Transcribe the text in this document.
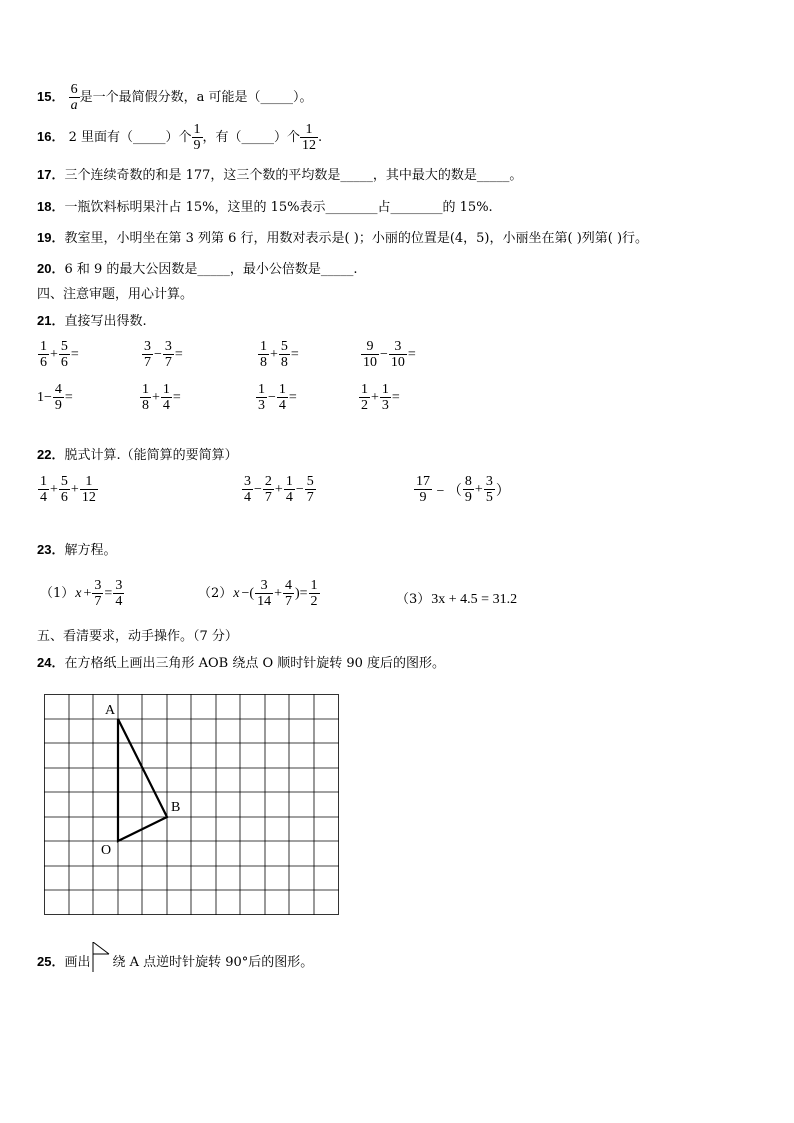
15． $\frac{6}{a}$ 是一个最简假分数，a 可能是（_____）。
16． 2 里面有（_____）个 $\frac{1}{9}$ ，有（_____）个 $\frac{1}{12}$ .
17．三个连续奇数的和是 177，这三个数的平均数是_____，其中最大的数是_____。
18．一瓶饮料标明果汁占 15%，这里的 15%表示________占________的 15%.
19．教室里，小明坐在第 3 列第 6 行，用数对表示是( )；小丽的位置是(4，5)，小丽坐在第( )列第( )行。
20．6 和 9 的最大公因数是_____，最小公倍数是_____.
四、注意审题，用心计算。
21．直接写出得数.
$\frac{1}{6} + \frac{5}{6}$ =	$\frac{3}{7} - \frac{3}{7}$ =	$\frac{1}{8} + \frac{5}{8}$ =	$\frac{9}{10} - \frac{3}{10}$ =
$1- \frac{4}{9}$ =	$\frac{1}{8} + \frac{1}{4}$ =	$\frac{1}{3} - \frac{1}{4}$ =	$\frac{1}{2} + \frac{1}{3}$ =
22．脱式计算.（能简算的要简算）
$\frac{1}{4} + \frac{5}{6} + \frac{1}{12}$	$\frac{3}{4} - \frac{2}{7} + \frac{1}{4} - \frac{5}{7}$	$\frac{17}{9}$ − （ $\frac{8}{9} + \frac{3}{5}$ ）
23．解方程。
$(1)x + \frac{3}{7} = \frac{3}{4}$	（2）x −( $\frac{3}{14} + \frac{4}{7}$ )= $\frac{1}{2}$	（3）3x + 4.5 = 31.2
五、看清要求，动手操作。（7 分）
24．在方格纸上画出三角形 AOB 绕点 O 顺时针旋转 90 度后的图形。
A
B
O
25．画出 绕 A 点逆时针旋转 90°后的图形。
